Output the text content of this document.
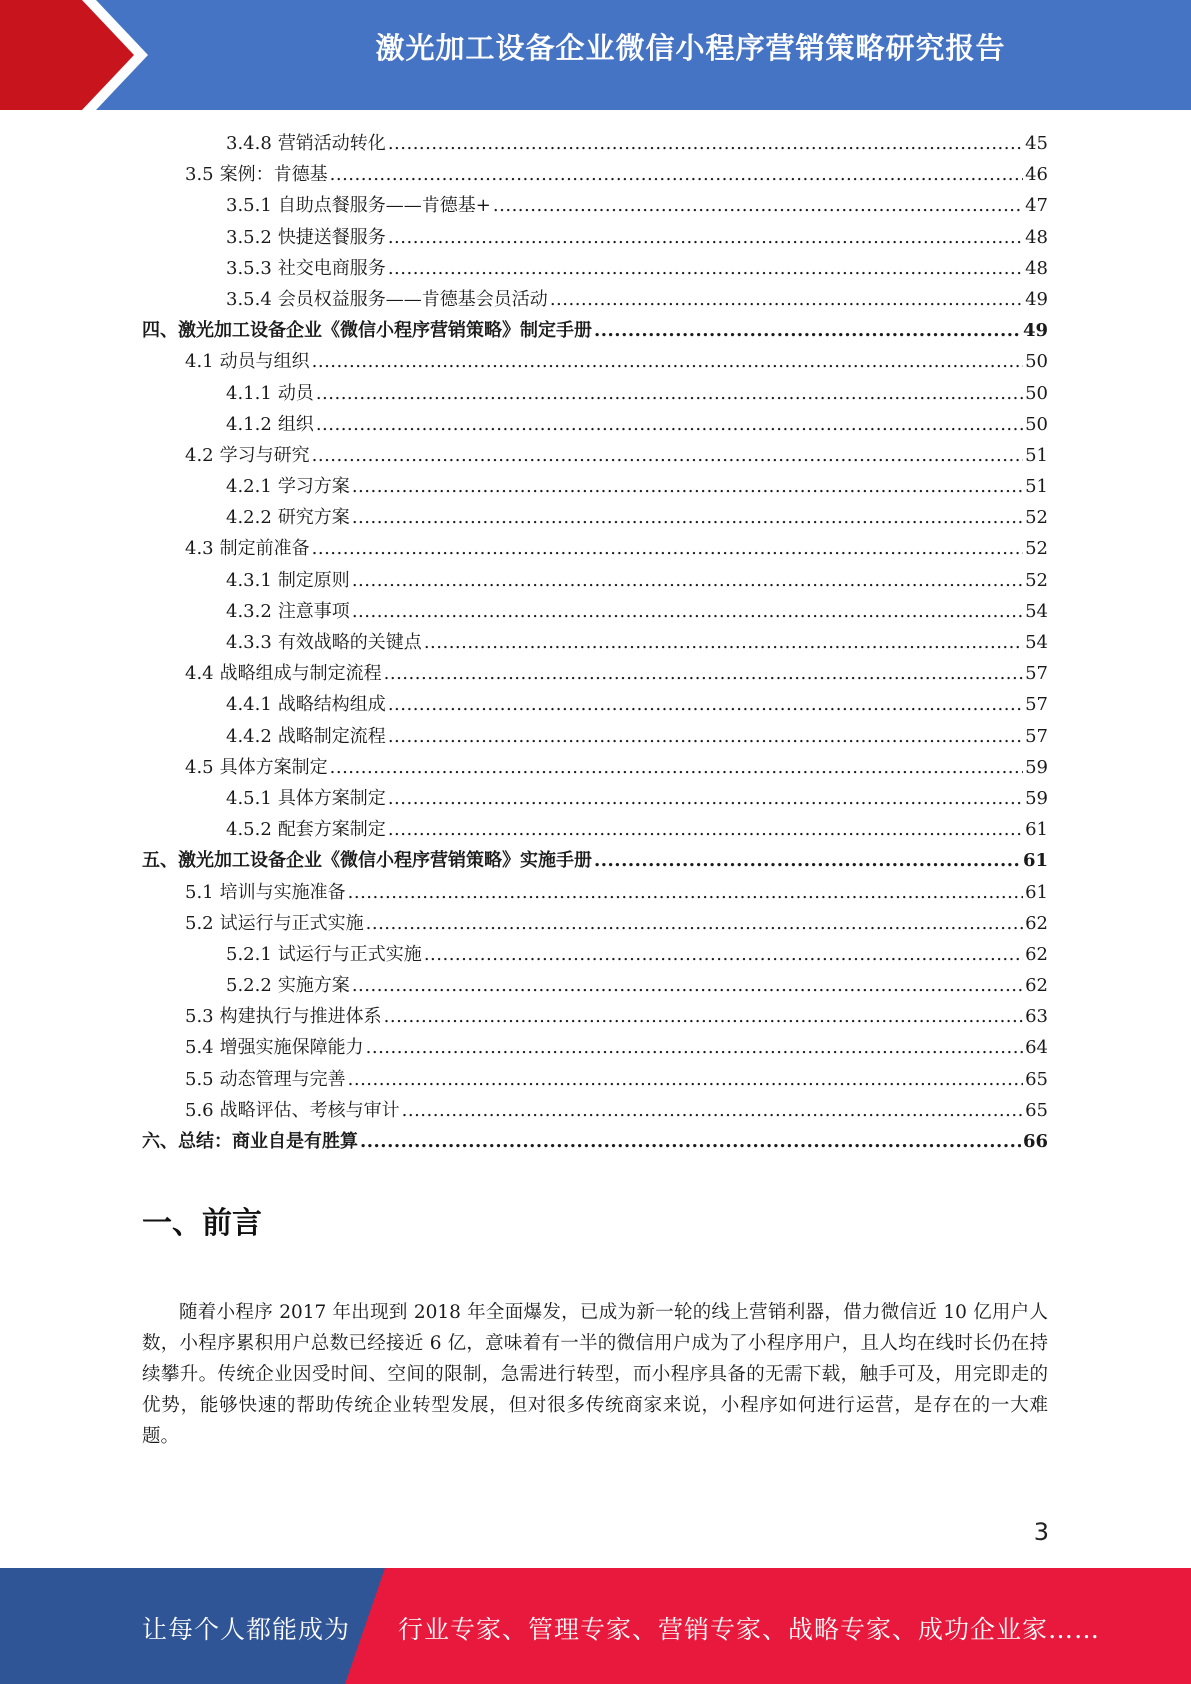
激光加工设备企业微信小程序营销策略研究报告
3.4.8 营销活动转化 .....	45
3.5 案例：肯德基 .....	46
3.5.1 自助点餐服务——肯德基+ .....	47
3.5.2 快捷送餐服务 .....	48
3.5.3 社交电商服务 .....	48
3.5.4 会员权益服务——肯德基会员活动 .....	49
四、激光加工设备企业《微信小程序营销策略》制定手册 .....	49
4.1 动员与组织 .....	50
4.1.1 动员 .....	50
4.1.2 组织 .....	50
4.2 学习与研究 .....	51
4.2.1 学习方案 .....	51
4.2.2 研究方案 .....	52
4.3 制定前准备 .....	52
4.3.1 制定原则 .....	52
4.3.2 注意事项 .....	54
4.3.3 有效战略的关键点 .....	54
4.4 战略组成与制定流程 .....	57
4.4.1 战略结构组成 .....	57
4.4.2 战略制定流程 .....	57
4.5 具体方案制定 .....	59
4.5.1 具体方案制定 .....	59
4.5.2 配套方案制定 .....	61
五、激光加工设备企业《微信小程序营销策略》实施手册 .....	61
5.1 培训与实施准备 .....	61
5.2 试运行与正式实施 .....	62
5.2.1 试运行与正式实施 .....	62
5.2.2 实施方案 .....	62
5.3 构建执行与推进体系 .....	63
5.4 增强实施保障能力 .....	64
5.5 动态管理与完善 .....	65
5.6 战略评估、考核与审计 .....	65
六、总结：商业自是有胜算 .....	66
一、前言
随着小程序 2017 年出现到 2018 年全面爆发，已成为新一轮的线上营销利器，借力微信近 10 亿用户人数，小程序累积用户总数已经接近 6 亿，意味着有一半的微信用户成为了小程序用户，且人均在线时长仍在持续攀升。传统企业因受时间、空间的限制，急需进行转型，而小程序具备的无需下载，触手可及，用完即走的优势，能够快速的帮助传统企业转型发展，但对很多传统商家来说，小程序如何进行运营，是存在的一大难题。
3
让每个人都能成为 行业专家、管理专家、营销专家、战略专家、成功企业家……
